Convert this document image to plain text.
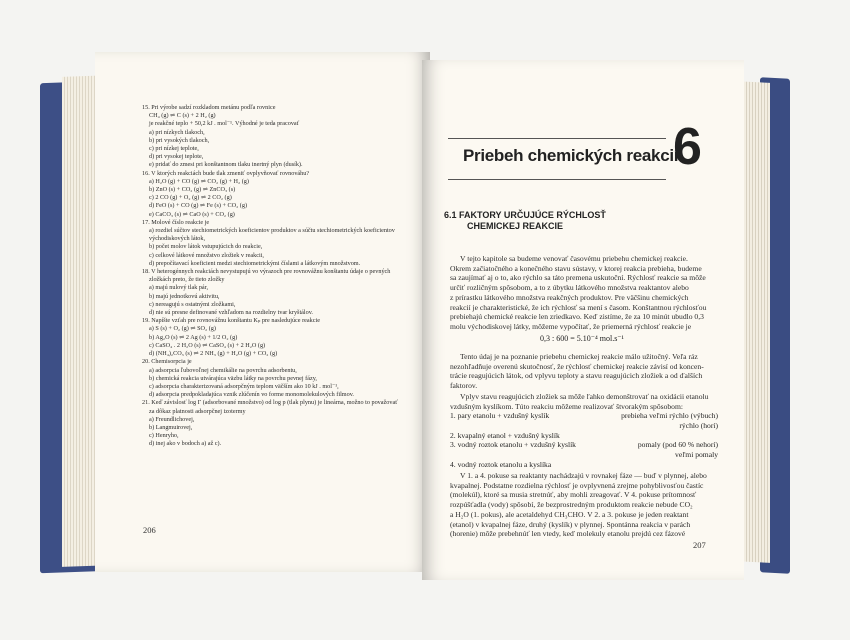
15. Pri výrobe sadzí rozkladom metánu podľa rovnice
CH₄ (g) ⇌ C (s) + 2 H₂ (g)
je reakčné teplo + 50,2 kJ . mol⁻¹. Výhodné je teda pracovať
a) pri nízkych tlakoch,
b) pri vysokých tlakoch,
c) pri nízkej teplote,
d) pri vysokej teplote,
e) pridať do zmesi pri konštantnom tlaku inertný plyn (dusík).
16. V ktorých reakciách bude tlak zmeniť ovplyvňovať rovnováhu?
a) H₂O (g) + CO (g) ⇌ CO₂ (g) + H₂ (g)
b) ZnO (s) + CO₂ (g) ⇌ ZnCO₃ (s)
c) 2 CO (g) + O₂ (g) ⇌ 2 CO₂ (g)
d) FeO (s) + CO (g) ⇌ Fe (s) + CO₂ (g)
e) CaCO₃ (s) ⇌ CaO (s) + CO₂ (g)
17. Molové číslo reakcie je
a) rozdiel súčtov stechiometrických koeficientov produktov a súčtu stechiometrických koeficientov
východiskových látok,
b) počet molov látok vstupujúcich do reakcie,
c) celkové látkové množstvo zložiek v reakcii,
d) prepočítavací koeficient medzi stechiometrickými číslami a látkovým množstvom.
18. V heterogénnych reakciách nevystupujú vo výrazoch pre rovnovážnu konštantu údaje o pevných
zložkách preto, že tieto zložky
a) majú nulový tlak pár,
b) majú jednotkovú aktivitu,
c) nereagujú s ostatnými zložkami,
d) nie sú presne definované vzhľadom na rozdielny tvar kryštálov.
19. Napíšte vzťah pre rovnovážnu konštantu Kₚ pre nasledujúce reakcie
a) S (s) + O₂ (g) ⇌ SO₂ (g)
b) Ag₂O (s) ⇌ 2 Ag (s) + 1/2 O₂ (g)
c) CaSO₄ . 2 H₂O (s) ⇌ CaSO₄ (s) + 2 H₂O (g)
d) (NH₄)₂CO₃ (s) ⇌ 2 NH₃ (g) + H₂O (g) + CO₂ (g)
20. Chemisorpcia je
a) adsorpcia ľubovoľnej chemikálie na povrchu adsorbentu,
b) chemická reakcia utvárajúca väzbu látky na povrchu pevnej fázy,
c) adsorpcia charakterizovaná adsorpčným teplom väčším ako 10 kJ . mol⁻¹,
d) adsorpcia predpokladajúca vznik zlúčenín vo forme monomolekulových filmov.
21. Keď závislosť log Γ (adsorbované množstvo) od log p (tlak plynu) je lineárna, možno to považovať
za dôkaz platnosti adsorpčnej izotermy
a) Freundlichovej,
b) Langmuirovej,
c) Henryho,
d) inej ako v bodoch a) až c).
206
Priebeh chemických reakcií
6
6.1 FAKTORY URČUJÚCE RÝCHLOSŤ
CHEMICKEJ REAKCIE
V tejto kapitole sa budeme venovať časovému priebehu chemickej reakcie.
Okrem začiatočného a konečného stavu sústavy, v ktorej reakcia prebieha, budeme
sa zaujímať aj o to, ako rýchlo sa táto premena uskutoční. Rýchlosť reakcie sa môže
určiť rozličným spôsobom, a to z úbytku látkového množstva reaktantov alebo
z prírastku látkového množstva reakčných produktov. Pre väčšinu chemických
reakcií je charakteristické, že ich rýchlosť sa mení s časom. Konštantnou rýchlosťou
prebiehajú chemické reakcie len zriedkavo. Keď zistíme, že za 10 minút ubudlo 0,3
molu východiskovej látky, môžeme vypočítať, že priemerná rýchlosť reakcie je
0,3 : 600 = 5.10⁻⁴ mol.s⁻¹
Tento údaj je na poznanie priebehu chemickej reakcie málo užitočný. Veľa ráz
nezohľadňuje overenú skutočnosť, že rýchlosť chemickej reakcie závisí od koncen-
trácie reagujúcich látok, od vplyvu teploty a stavu reagujúcich zložiek a od ďalších
faktorov.
Vplyv stavu reagujúcich zložiek sa môže ľahko demonštrovať na oxidácii etanolu
vzdušným kyslíkom. Túto reakciu môžeme realizovať štvorakým spôsobom:
1. pary etanolu + vzdušný kyslík	prebieha veľmi rýchlo (výbuch)
rýchlo (horí)
2. kvapalný etanol + vzdušný kyslík
3. vodný roztok etanolu + vzdušný kyslík	pomaly (pod 60 % nehorí)
veľmi pomaly
4. vodný roztok etanolu a kyslíka
V 1. a 4. pokuse sa reaktanty nachádzajú v rovnakej fáze — buď v plynnej, alebo
kvapalnej. Podstatne rozdielna rýchlosť je ovplyvnená zrejme pohyblivosťou častíc
(molekúl), ktoré sa musia stretnúť, aby mohli zreagovať. V 4. pokuse prítomnosť
rozpúšťadla (vody) spôsobí, že bezprostredným produktom reakcie nebude CO₂
a H₂O (1. pokus), ale acetaldehyd CH₃CHO. V 2. a 3. pokuse je jeden reaktant
(etanol) v kvapalnej fáze, druhý (kyslík) v plynnej. Spontánna reakcia v parách
(horenie) môže prebehnúť len vtedy, keď molekuly etanolu prejdú cez fázové
207
